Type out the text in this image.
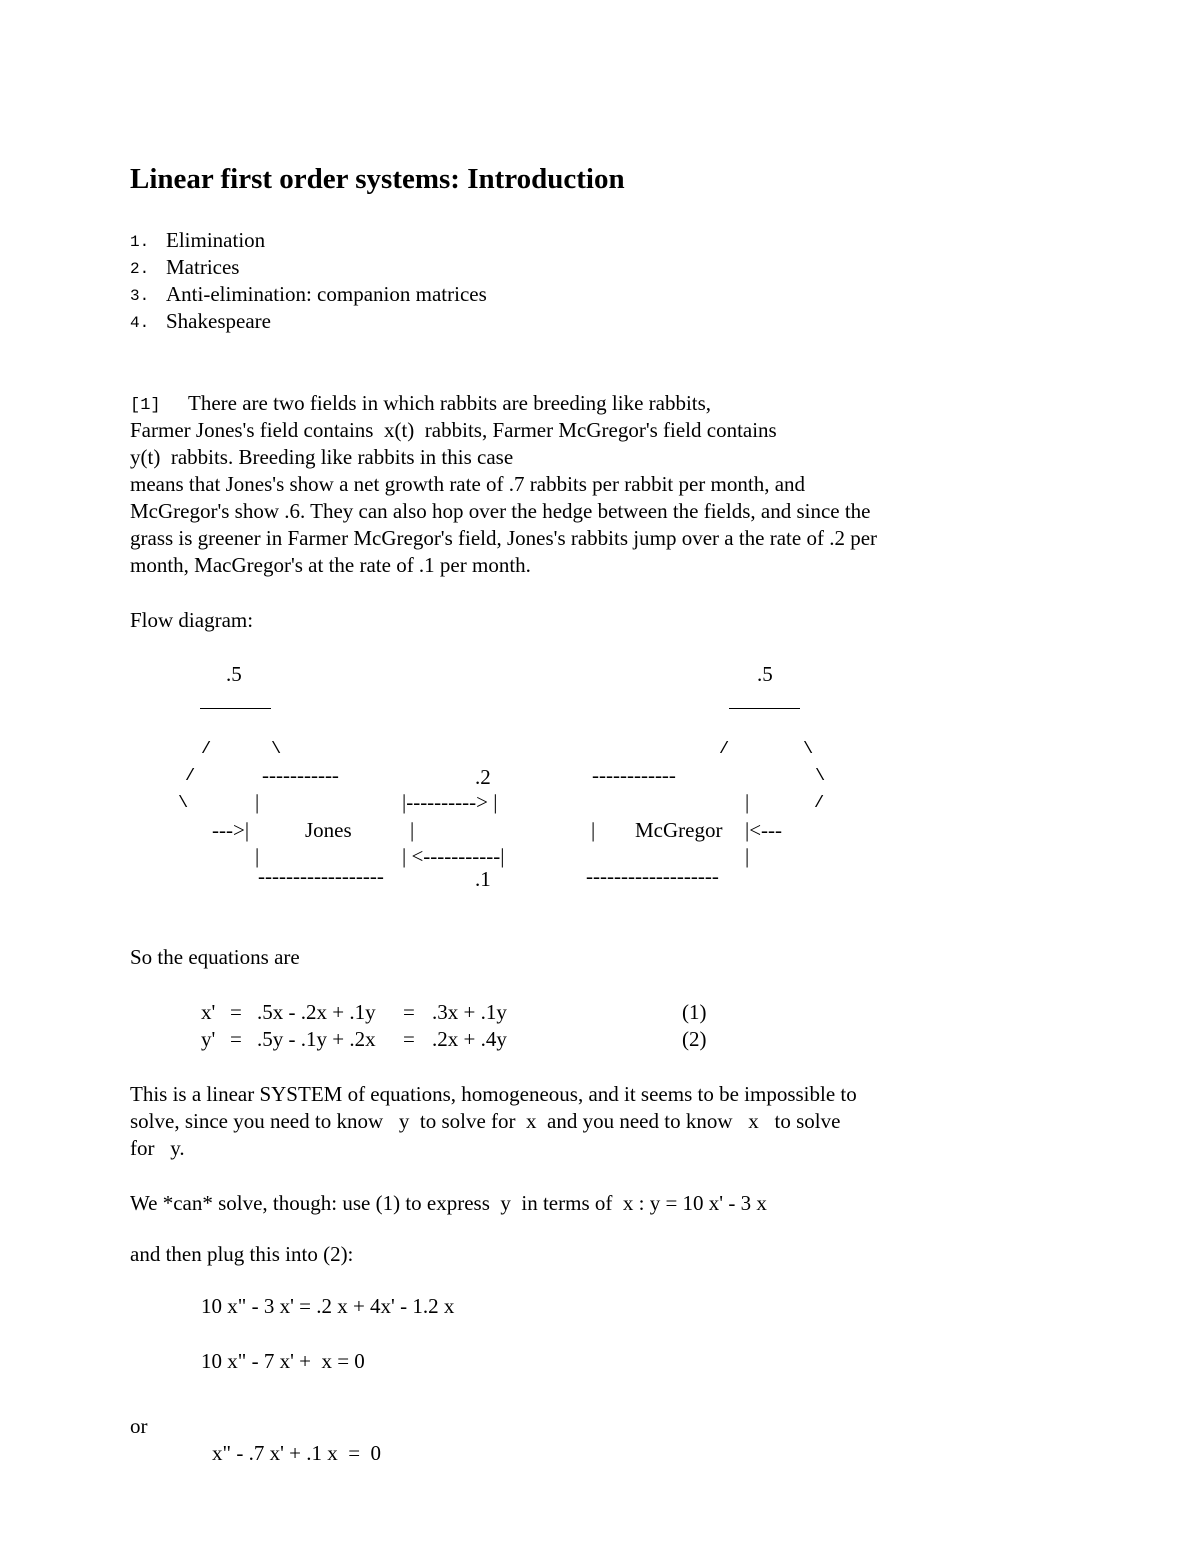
Linear first order systems: Introduction
1. Elimination
2. Matrices
3. Anti-elimination: companion matrices
4. Shakespeare
[1] There are two fields in which rabbits are breeding like rabbits,
Farmer Jones's field contains  x(t)  rabbits, Farmer McGregor's field contains
y(t)  rabbits. Breeding like rabbits in this case
means that Jones's show a net growth rate of .7 rabbits per rabbit per month, and
McGregor's show .6. They can also hop over the hedge between the fields, and since the
grass is greener in Farmer McGregor's field, Jones's rabbits jump over a the rate of .2 per
month, MacGregor's at the rate of .1 per month.
Flow diagram:
.5
/	\
/	-----------
\	|
--->|	Jones
|
------------------
.2
|----------> |
|
| <-----------|
.1
.5
/	\
------------	\
|	/
| McGregor |<---
|
-------------------
So the equations are
x' = .5x - .2x + .1y = .3x + .1y	(1)
y' = .5y - .1y + .2x = .2x + .4y	(2)
This is a linear SYSTEM of equations, homogeneous, and it seems to be impossible to
solve, since you need to know   y  to solve for  x  and you need to know   x   to solve
for   y.
We *can* solve, though: use (1) to express  y  in terms of  x : y = 10 x' - 3 x
and then plug this into (2):
10 x" - 3 x' = .2 x + 4x' - 1.2 x
10 x" - 7 x' +  x = 0
or
x" - .7 x' + .1 x  =  0
